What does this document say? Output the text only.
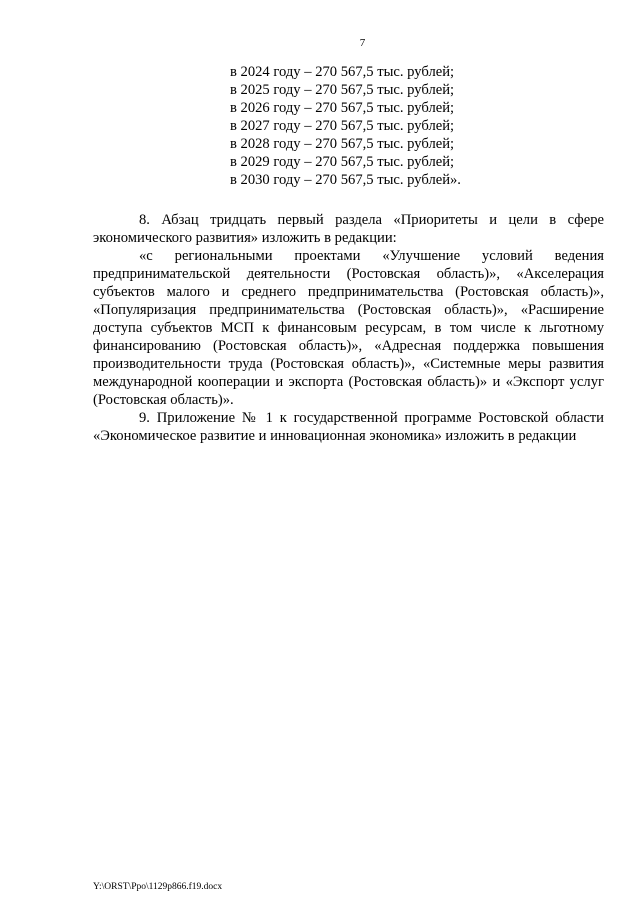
7
в 2024 году – 270 567,5 тыс. рублей;
в 2025 году – 270 567,5 тыс. рублей;
в 2026 году – 270 567,5 тыс. рублей;
в 2027 году – 270 567,5 тыс. рублей;
в 2028 году – 270 567,5 тыс. рублей;
в 2029 году – 270 567,5 тыс. рублей;
в 2030 году – 270 567,5 тыс. рублей».
8. Абзац тридцать первый раздела «Приоритеты и цели в сфере
экономического развития» изложить в редакции:
«с региональными проектами «Улучшение условий ведения
предпринимательской деятельности (Ростовская область)», «Акселерация
субъектов малого и среднего предпринимательства (Ростовская область)»,
«Популяризация предпринимательства (Ростовская область)», «Расширение
доступа субъектов МСП к финансовым ресурсам, в том числе к льготному
финансированию (Ростовская область)», «Адресная поддержка повышения
производительности труда (Ростовская область)», «Системные меры развития
международной кооперации и экспорта (Ростовская область)» и «Экспорт услуг
(Ростовская область)».
9. Приложение № 1 к государственной программе Ростовской области
«Экономическое развитие и инновационная экономика» изложить в редакции
Y:\ORST\Ppo\1129p866.f19.docx
